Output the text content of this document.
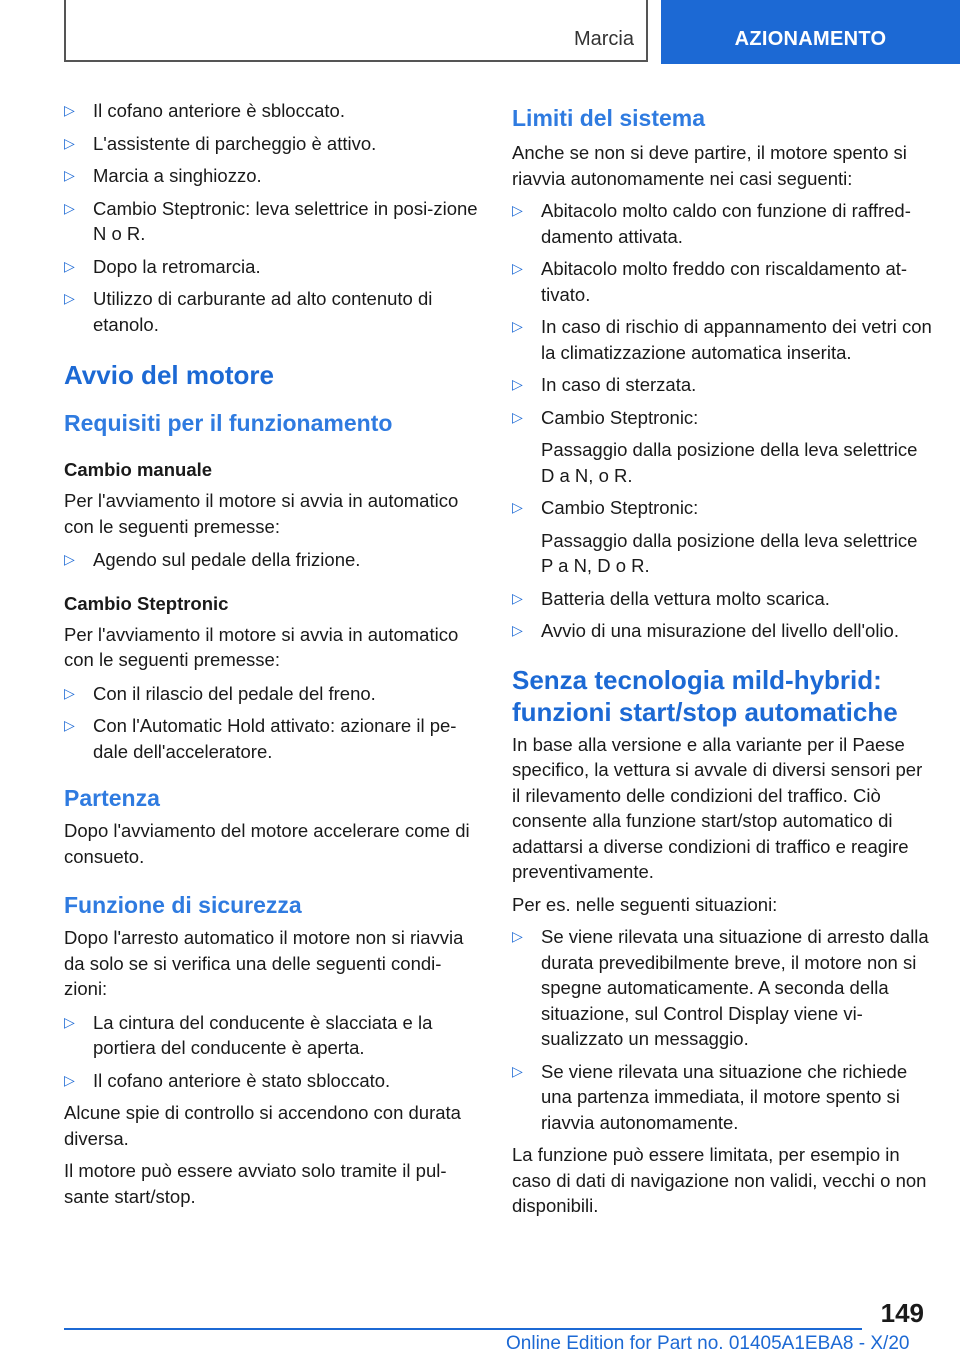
Marcia	AZIONAMENTO
▷ Il cofano anteriore è sbloccato.
▷ L'assistente di parcheggio è attivo.
▷ Marcia a singhiozzo.
▷ Cambio Steptronic: leva selettrice in posi‐zione N o R.
▷ Dopo la retromarcia.
▷ Utilizzo di carburante ad alto contenuto di etanolo.
Avvio del motore
Requisiti per il funzionamento
Cambio manuale

Per l'avviamento il motore si avvia in automatico con le seguenti premesse:

▷ Agendo sul pedale della frizione.
Cambio Steptronic

Per l'avviamento il motore si avvia in automatico con le seguenti premesse:

▷ Con il rilascio del pedale del freno.
▷ Con l'Automatic Hold attivato: azionare il pe‐dale dell'acceleratore.
Partenza

Dopo l'avviamento del motore accelerare come di consueto.

Funzione di sicurezza

Dopo l'arresto automatico il motore non si riavvia da solo se si verifica una delle seguenti condi‐zioni:

▷ La cintura del conducente è slacciata e la portiera del conducente è aperta.
▷ Il cofano anteriore è stato sbloccato.

Alcune spie di controllo si accendono con durata diversa.

Il motore può essere avviato solo tramite il pul‐sante start/stop.

Limiti del sistema

Anche se non si deve partire, il motore spento si riavvia autonomamente nei casi seguenti:

▷ Abitacolo molto caldo con funzione di raffred‐damento attivata.
▷ Abitacolo molto freddo con riscaldamento at‐tivato.
▷ In caso di rischio di appannamento dei vetri con la climatizzazione automatica inserita.
▷ In caso di sterzata.
▷ Cambio Steptronic:
Passaggio dalla posizione della leva selettrice D a N, o R.
▷ Cambio Steptronic:
Passaggio dalla posizione della leva selettrice P a N, D o R.
▷ Batteria della vettura molto scarica.
▷ Avvio di una misurazione del livello dell'olio.
Senza tecnologia mild-hybrid: funzioni start/stop automatiche

In base alla versione e alla variante per il Paese specifico, la vettura si avvale di diversi sensori per il rilevamento delle condizioni del traffico. Ciò consente alla funzione start/stop automatico di adattarsi a diverse condizioni di traffico e reagire preventivamente.

Per es. nelle seguenti situazioni:

▷ Se viene rilevata una situazione di arresto dalla durata prevedibilmente breve, il motore non si spegne automaticamente. A seconda della situazione, sul Control Display viene vi‐sualizzato un messaggio.
▷ Se viene rilevata una situazione che richiede una partenza immediata, il motore spento si riavvia autonomamente.

La funzione può essere limitata, per esempio in caso di dati di navigazione non validi, vecchi o non disponibili.

149
Online Edition for Part no. 01405A1EBA8 - X/20
